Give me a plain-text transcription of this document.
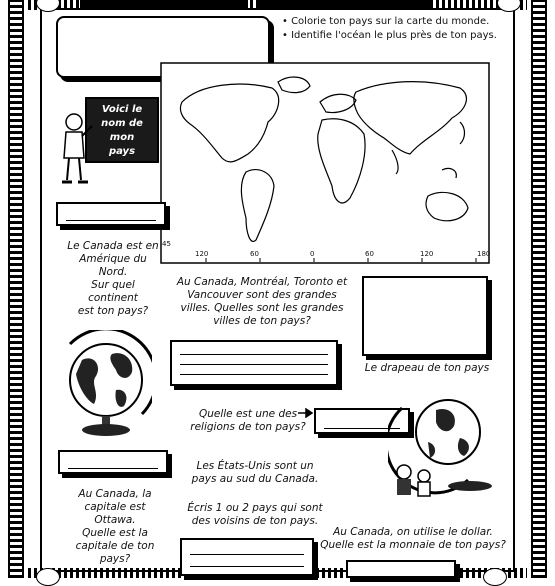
• Colorie ton pays sur la carte du monde.
• Identifie l'océan le plus près de ton pays.
Voici le
nom de
mon
pays
120	60	0	60	120	180
45
Le Canada est en
Amérique du
Nord.
Sur quel
continent
est ton pays?
Au Canada, Montréal, Toronto et
Vancouver sont des grandes
villes. Quelles sont les grandes
villes de ton pays?
Le drapeau de ton pays
Au Canada, la
capitale est
Ottawa.
Quelle est la
capitale de ton
pays?
Quelle est une des
religions de ton pays?
Les États-Unis sont un
pays au sud du Canada.
Écris 1 ou 2 pays qui sont
des voisins de ton pays.
Au Canada, on utilise le dollar.
Quelle est la monnaie de ton pays?
